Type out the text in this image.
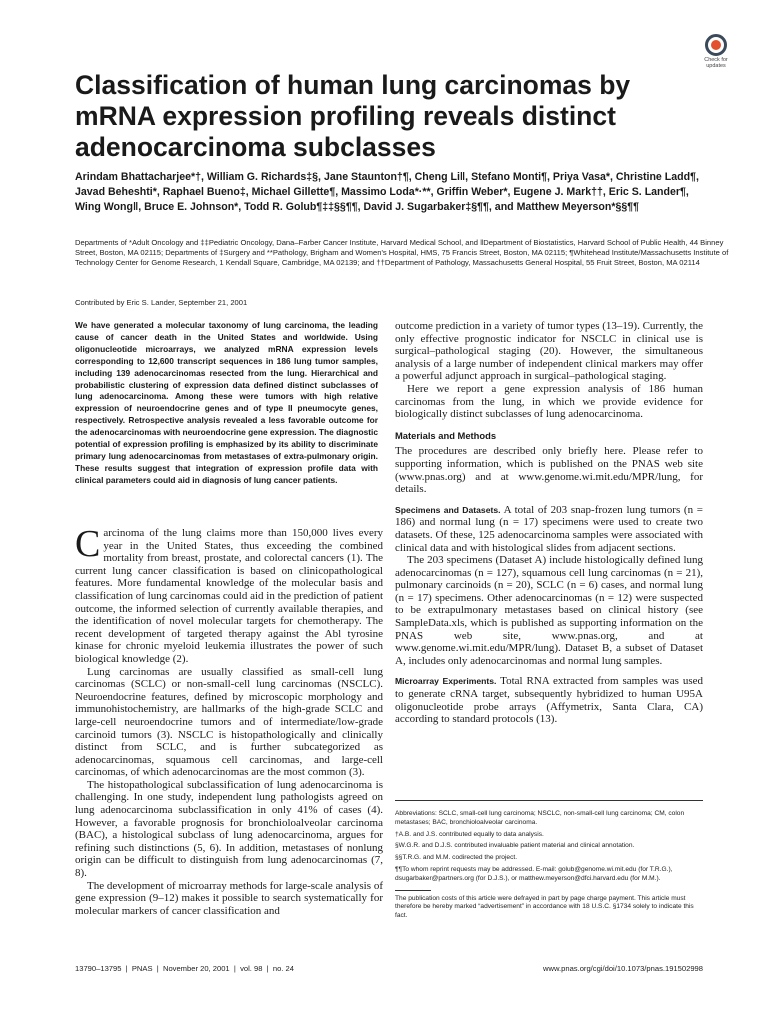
Check for updates
Classification of human lung carcinomas by mRNA expression profiling reveals distinct adenocarcinoma subclasses
Arindam Bhattacharjee*†, William G. Richards‡§, Jane Staunton†¶, Cheng Li‖, Stefano Monti¶, Priya Vasa*, Christine Ladd¶, Javad Beheshti*, Raphael Bueno‡, Michael Gillette¶, Massimo Loda*·**, Griffin Weber*, Eugene J. Mark††, Eric S. Lander¶, Wing Wong‖, Bruce E. Johnson*, Todd R. Golub¶‡‡§§¶¶, David J. Sugarbaker‡§¶¶, and Matthew Meyerson*§§¶¶
Departments of *Adult Oncology and ‡‡Pediatric Oncology, Dana–Farber Cancer Institute, Harvard Medical School, and ‖Department of Biostatistics, Harvard School of Public Health, 44 Binney Street, Boston, MA 02115; Departments of ‡Surgery and **Pathology, Brigham and Women's Hospital, HMS, 75 Francis Street, Boston, MA 02115; ¶Whitehead Institute/Massachusetts Institute of Technology Center for Genome Research, 1 Kendall Square, Cambridge, MA 02139; and ††Department of Pathology, Massachusetts General Hospital, 55 Fruit Street, Boston, MA 02114
Contributed by Eric S. Lander, September 21, 2001
We have generated a molecular taxonomy of lung carcinoma, the leading cause of cancer death in the United States and worldwide. Using oligonucleotide microarrays, we analyzed mRNA expression levels corresponding to 12,600 transcript sequences in 186 lung tumor samples, including 139 adenocarcinomas resected from the lung. Hierarchical and probabilistic clustering of expression data defined distinct subclasses of lung adenocarcinoma. Among these were tumors with high relative expression of neuroendocrine genes and of type II pneumocyte genes, respectively. Retrospective analysis revealed a less favorable outcome for the adenocarcinomas with neuroendocrine gene expression. The diagnostic potential of expression profiling is emphasized by its ability to discriminate primary lung adenocarcinomas from metastases of extra-pulmonary origin. These results suggest that integration of expression profile data with clinical parameters could aid in diagnosis of lung cancer patients.

Carcinoma of the lung claims more than 150,000 lives every year in the United States, thus exceeding the combined mortality from breast, prostate, and colorectal cancers (1). The current lung cancer classification is based on clinicopathological features. More fundamental knowledge of the molecular basis and classification of lung carcinomas could aid in the prediction of patient outcome, the informed selection of currently available therapies, and the identification of novel molecular targets for chemotherapy. The recent development of targeted therapy against the Abl tyrosine kinase for chronic myeloid leukemia illustrates the power of such biological knowledge (2).

Lung carcinomas are usually classified as small-cell lung carcinomas (SCLC) or non-small-cell lung carcinomas (NSCLC). Neuroendocrine features, defined by microscopic morphology and immunohistochemistry, are hallmarks of the high-grade SCLC and large-cell neuroendocrine tumors and of intermediate/low-grade carcinoid tumors (3). NSCLC is histopathologically and clinically distinct from SCLC, and is further subcategorized as adenocarcinomas, squamous cell carcinomas, and large-cell carcinomas, of which adenocarcinomas are the most common (3).

The histopathological subclassification of lung adenocarcinoma is challenging. In one study, independent lung pathologists agreed on lung adenocarcinoma subclassification in only 41% of cases (4). However, a favorable prognosis for bronchioloalveolar carcinoma (BAC), a histological subclass of lung adenocarcinoma, argues for refining such distinctions (5, 6). In addition, metastases of nonlung origin can be difficult to distinguish from lung adenocarcinomas (7, 8).

The development of microarray methods for large-scale analysis of gene expression (9–12) makes it possible to search systematically for molecular markers of cancer classification and

outcome prediction in a variety of tumor types (13–19). Currently, the only effective prognostic indicator for NSCLC in clinical use is surgical–pathological staging (20). However, the simultaneous analysis of a large number of independent clinical markers may offer a powerful adjunct approach in surgical–pathological staging.

Here we report a gene expression analysis of 186 human carcinomas from the lung, in which we provide evidence for biologically distinct subclasses of lung adenocarcinoma.

Materials and Methods

The procedures are described only briefly here. Please refer to supporting information, which is published on the PNAS web site (www.pnas.org) and at www.genome.wi.mit.edu/MPR/lung, for details.

Specimens and Datasets. A total of 203 snap-frozen lung tumors (n = 186) and normal lung (n = 17) specimens were used to create two datasets. Of these, 125 adenocarcinoma samples were associated with clinical data and with histological slides from adjacent sections.

The 203 specimens (Dataset A) include histologically defined lung adenocarcinomas (n = 127), squamous cell lung carcinomas (n = 21), pulmonary carcinoids (n = 20), SCLC (n = 6) cases, and normal lung (n = 17) specimens. Other adenocarcinomas (n = 12) were suspected to be extrapulmonary metastases based on clinical history (see SampleData.xls, which is published as supporting information on the PNAS web site, www.pnas.org, and at www.genome.wi.mit.edu/MPR/lung). Dataset B, a subset of Dataset A, includes only adenocarcinomas and normal lung samples.

Microarray Experiments. Total RNA extracted from samples was used to generate cRNA target, subsequently hybridized to human U95A oligonucleotide probe arrays (Affymetrix, Santa Clara, CA) according to standard protocols (13).

Abbreviations: SCLC, small-cell lung carcinoma; NSCLC, non-small-cell lung carcinoma; CM, colon metastases; BAC, bronchioloalveolar carcinoma.

†A.B. and J.S. contributed equally to data analysis.

§W.G.R. and D.J.S. contributed invaluable patient material and clinical annotation.

§§T.R.G. and M.M. codirected the project.

¶¶To whom reprint requests may be addressed. E-mail: golub@genome.wi.mit.edu (for T.R.G.), dsugarbaker@partners.org (for D.J.S.), or matthew.meyerson@dfci.harvard.edu (for M.M.).

The publication costs of this article were defrayed in part by page charge payment. This article must therefore be hereby marked “advertisement” in accordance with 18 U.S.C. §1734 solely to indicate this fact.

13790–13795  |  PNAS  |  November 20, 2001  |  vol. 98  |  no. 24	www.pnas.org/cgi/doi/10.1073/pnas.191502998
